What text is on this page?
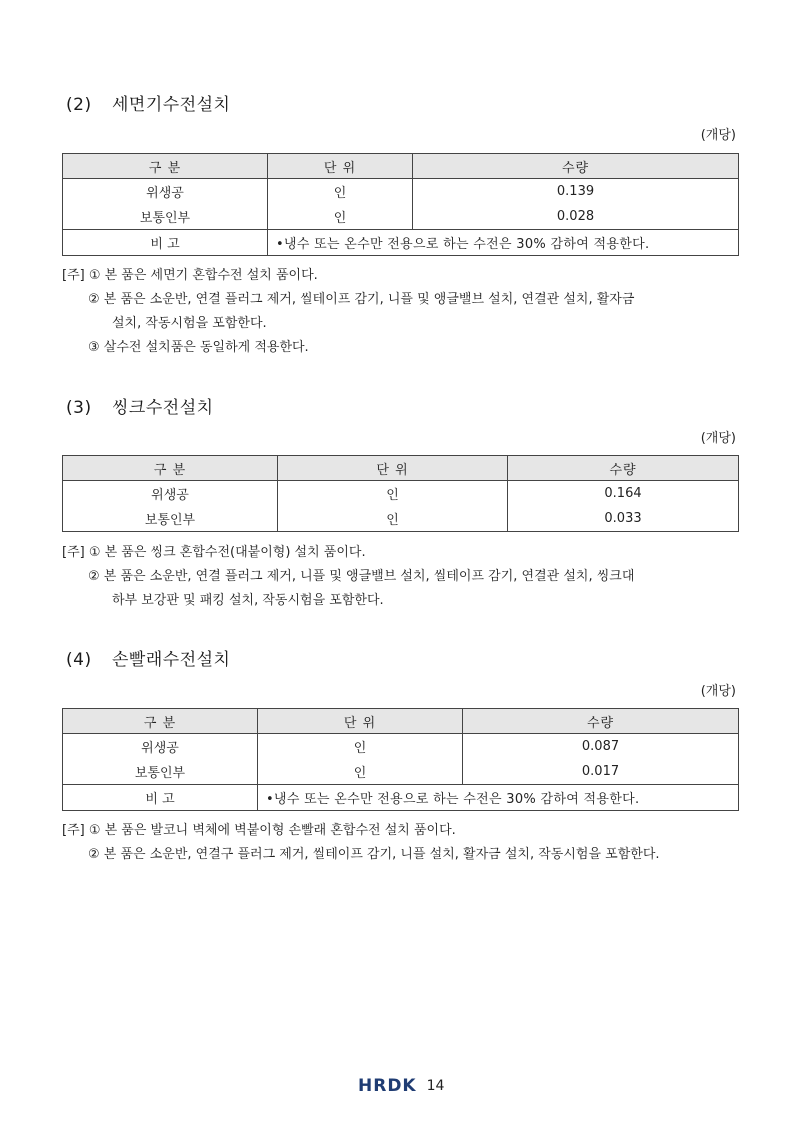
(2) 세면기수전설치
(개당)
구 분	단 위	수량
위생공	인	0.139
보통인부	인	0.028
비 고	•냉수 또는 온수만 전용으로 하는 수전은 30% 감하여 적용한다.	
[주] ① 본 품은 세면기 혼합수전 설치 품이다.
② 본 품은 소운반, 연결 플러그 제거, 씰테이프 감기, 니플 및 앵글밸브 설치, 연결관 설치, 활자금
설치, 작동시험을 포함한다.
③ 살수전 설치품은 동일하게 적용한다.
(3) 씽크수전설치
(개당)
구 분	단 위	수량
위생공	인	0.164
보통인부	인	0.033
[주] ① 본 품은 씽크 혼합수전(대붙이형) 설치 품이다.
② 본 품은 소운반, 연결 플러그 제거, 니플 및 앵글밸브 설치, 씰테이프 감기, 연결관 설치, 씽크대
하부 보강판 및 패킹 설치, 작동시험을 포함한다.
(4) 손빨래수전설치
(개당)
구 분	단 위	수량
위생공	인	0.087
보통인부	인	0.017
비 고	•냉수 또는 온수만 전용으로 하는 수전은 30% 감하여 적용한다.	
[주] ① 본 품은 발코니 벽체에 벽붙이형 손빨래 혼합수전 설치 품이다.
② 본 품은 소운반, 연결구 플러그 제거, 씰테이프 감기, 니플 설치, 활자금 설치, 작동시험을 포함한다.
HRDK 14
